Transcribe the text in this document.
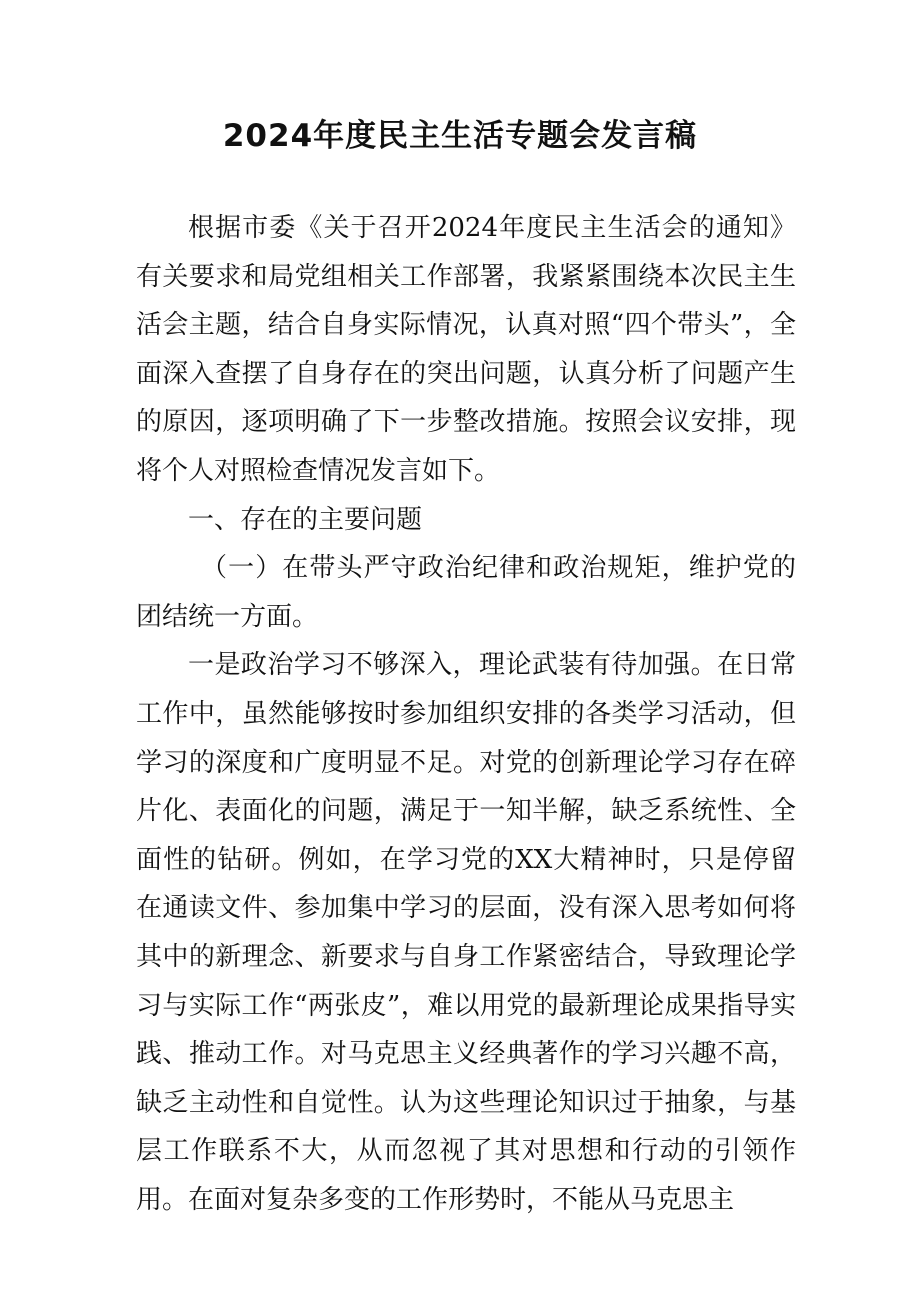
2024年度民主生活专题会发言稿

根据市委《关于召开2024年度民主生活会的通知》有关要求和局党组相关工作部署，我紧紧围绕本次民主生活会主题，结合自身实际情况，认真对照“四个带头”，全面深入查摆了自身存在的突出问题，认真分析了问题产生的原因，逐项明确了下一步整改措施。按照会议安排，现将个人对照检查情况发言如下。

一、存在的主要问题

（一）在带头严守政治纪律和政治规矩，维护党的团结统一方面。

一是政治学习不够深入，理论武装有待加强。在日常工作中，虽然能够按时参加组织安排的各类学习活动，但学习的深度和广度明显不足。对党的创新理论学习存在碎片化、表面化的问题，满足于一知半解，缺乏系统性、全面性的钻研。例如，在学习党的XX大精神时，只是停留在通读文件、参加集中学习的层面，没有深入思考如何将其中的新理念、新要求与自身工作紧密结合，导致理论学习与实际工作“两张皮”，难以用党的最新理论成果指导实践、推动工作。对马克思主义经典著作的学习兴趣不高，缺乏主动性和自觉性。认为这些理论知识过于抽象，与基层工作联系不大，从而忽视了其对思想和行动的引领作用。在面对复杂多变的工作形势时，不能从马克思主
